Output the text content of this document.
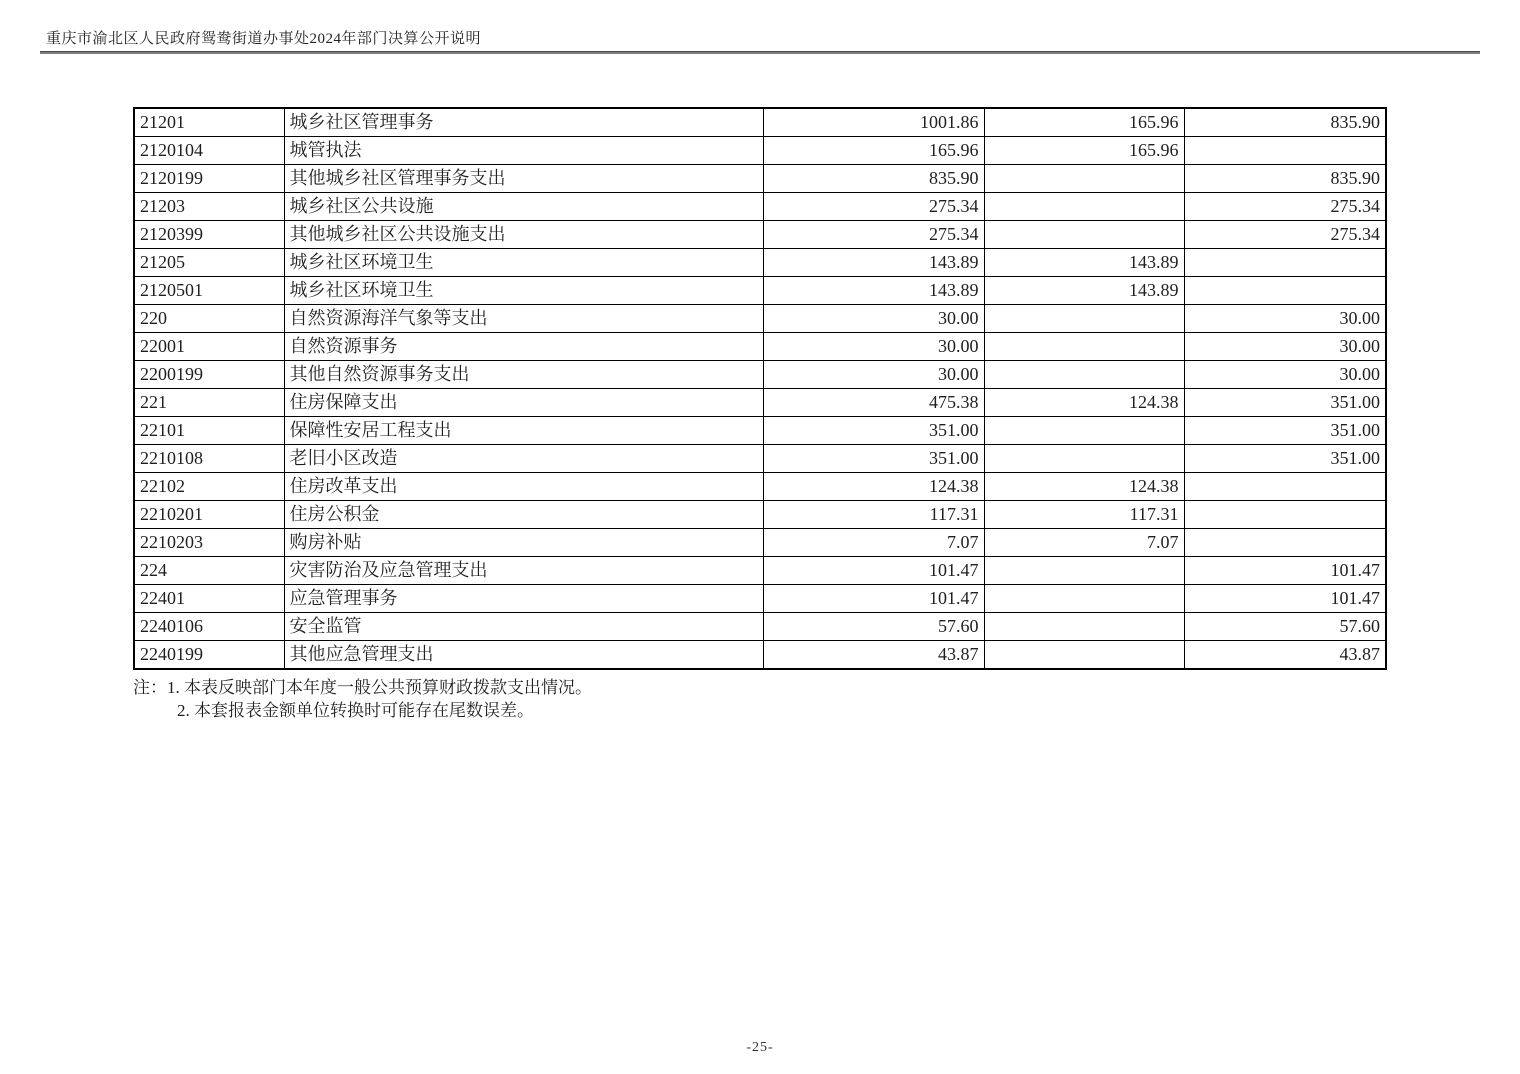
重庆市渝北区人民政府鸳鸯街道办事处2024年部门决算公开说明
21201	城乡社区管理事务	1001.86	165.96	835.90
2120104	城管执法	165.96	165.96	
2120199	其他城乡社区管理事务支出	835.90		835.90
21203	城乡社区公共设施	275.34		275.34
2120399	其他城乡社区公共设施支出	275.34		275.34
21205	城乡社区环境卫生	143.89	143.89	
2120501	城乡社区环境卫生	143.89	143.89	
220	自然资源海洋气象等支出	30.00		30.00
22001	自然资源事务	30.00		30.00
2200199	其他自然资源事务支出	30.00		30.00
221	住房保障支出	475.38	124.38	351.00
22101	保障性安居工程支出	351.00		351.00
2210108	老旧小区改造	351.00		351.00
22102	住房改革支出	124.38	124.38	
2210201	住房公积金	117.31	117.31	
2210203	购房补贴	7.07	7.07	
224	灾害防治及应急管理支出	101.47		101.47
22401	应急管理事务	101.47		101.47
2240106	安全监管	57.60		57.60
2240199	其他应急管理支出	43.87		43.87
注：1. 本表反映部门本年度一般公共预算财政拨款支出情况。
2. 本套报表金额单位转换时可能存在尾数误差。
-25-
